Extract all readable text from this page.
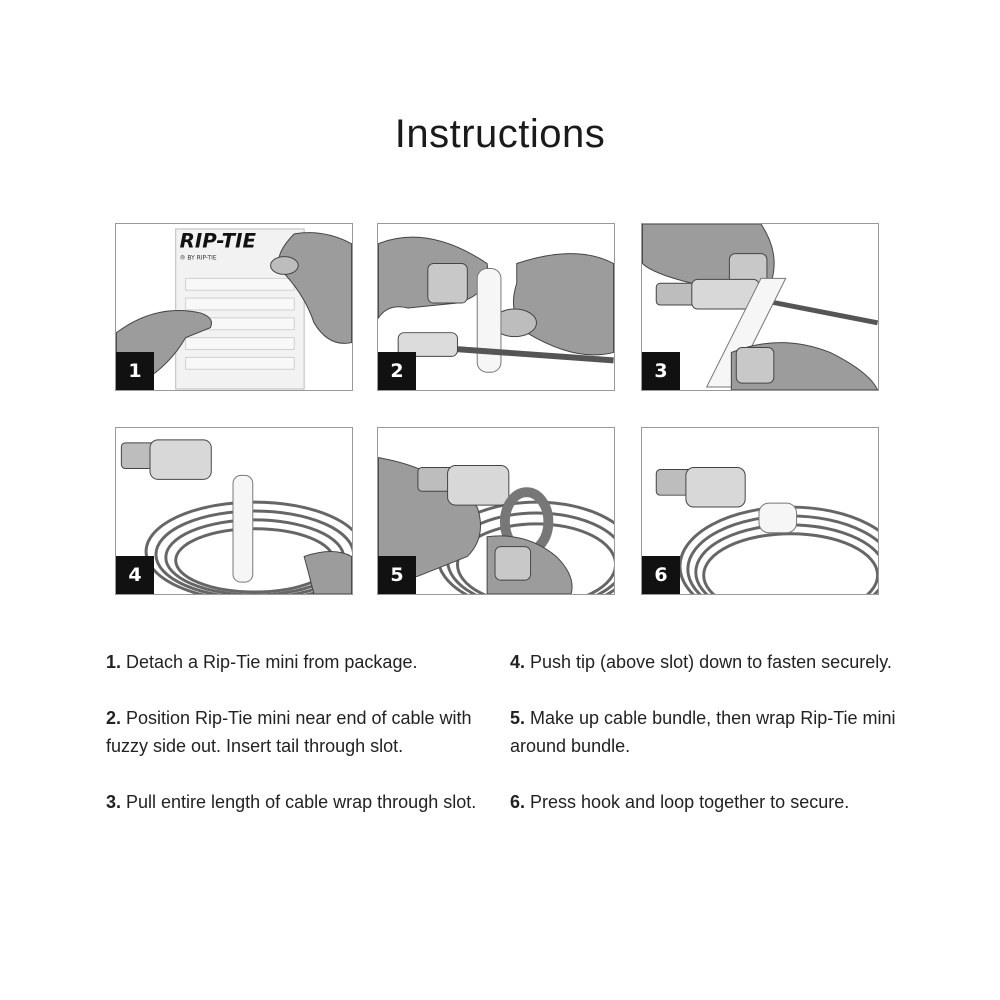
Instructions
RIP-TIE
® BY RIP-TIE
1	2	3
4	5	6

1. Detach a Rip-Tie mini from package.

2. Position Rip-Tie mini near end of cable with fuzzy side out. Insert tail through slot.

3. Pull entire length of cable wrap through slot.

4. Push tip (above slot) down to fasten securely.

5. Make up cable bundle, then wrap Rip-Tie mini around bundle.

6. Press hook and loop together to secure.
